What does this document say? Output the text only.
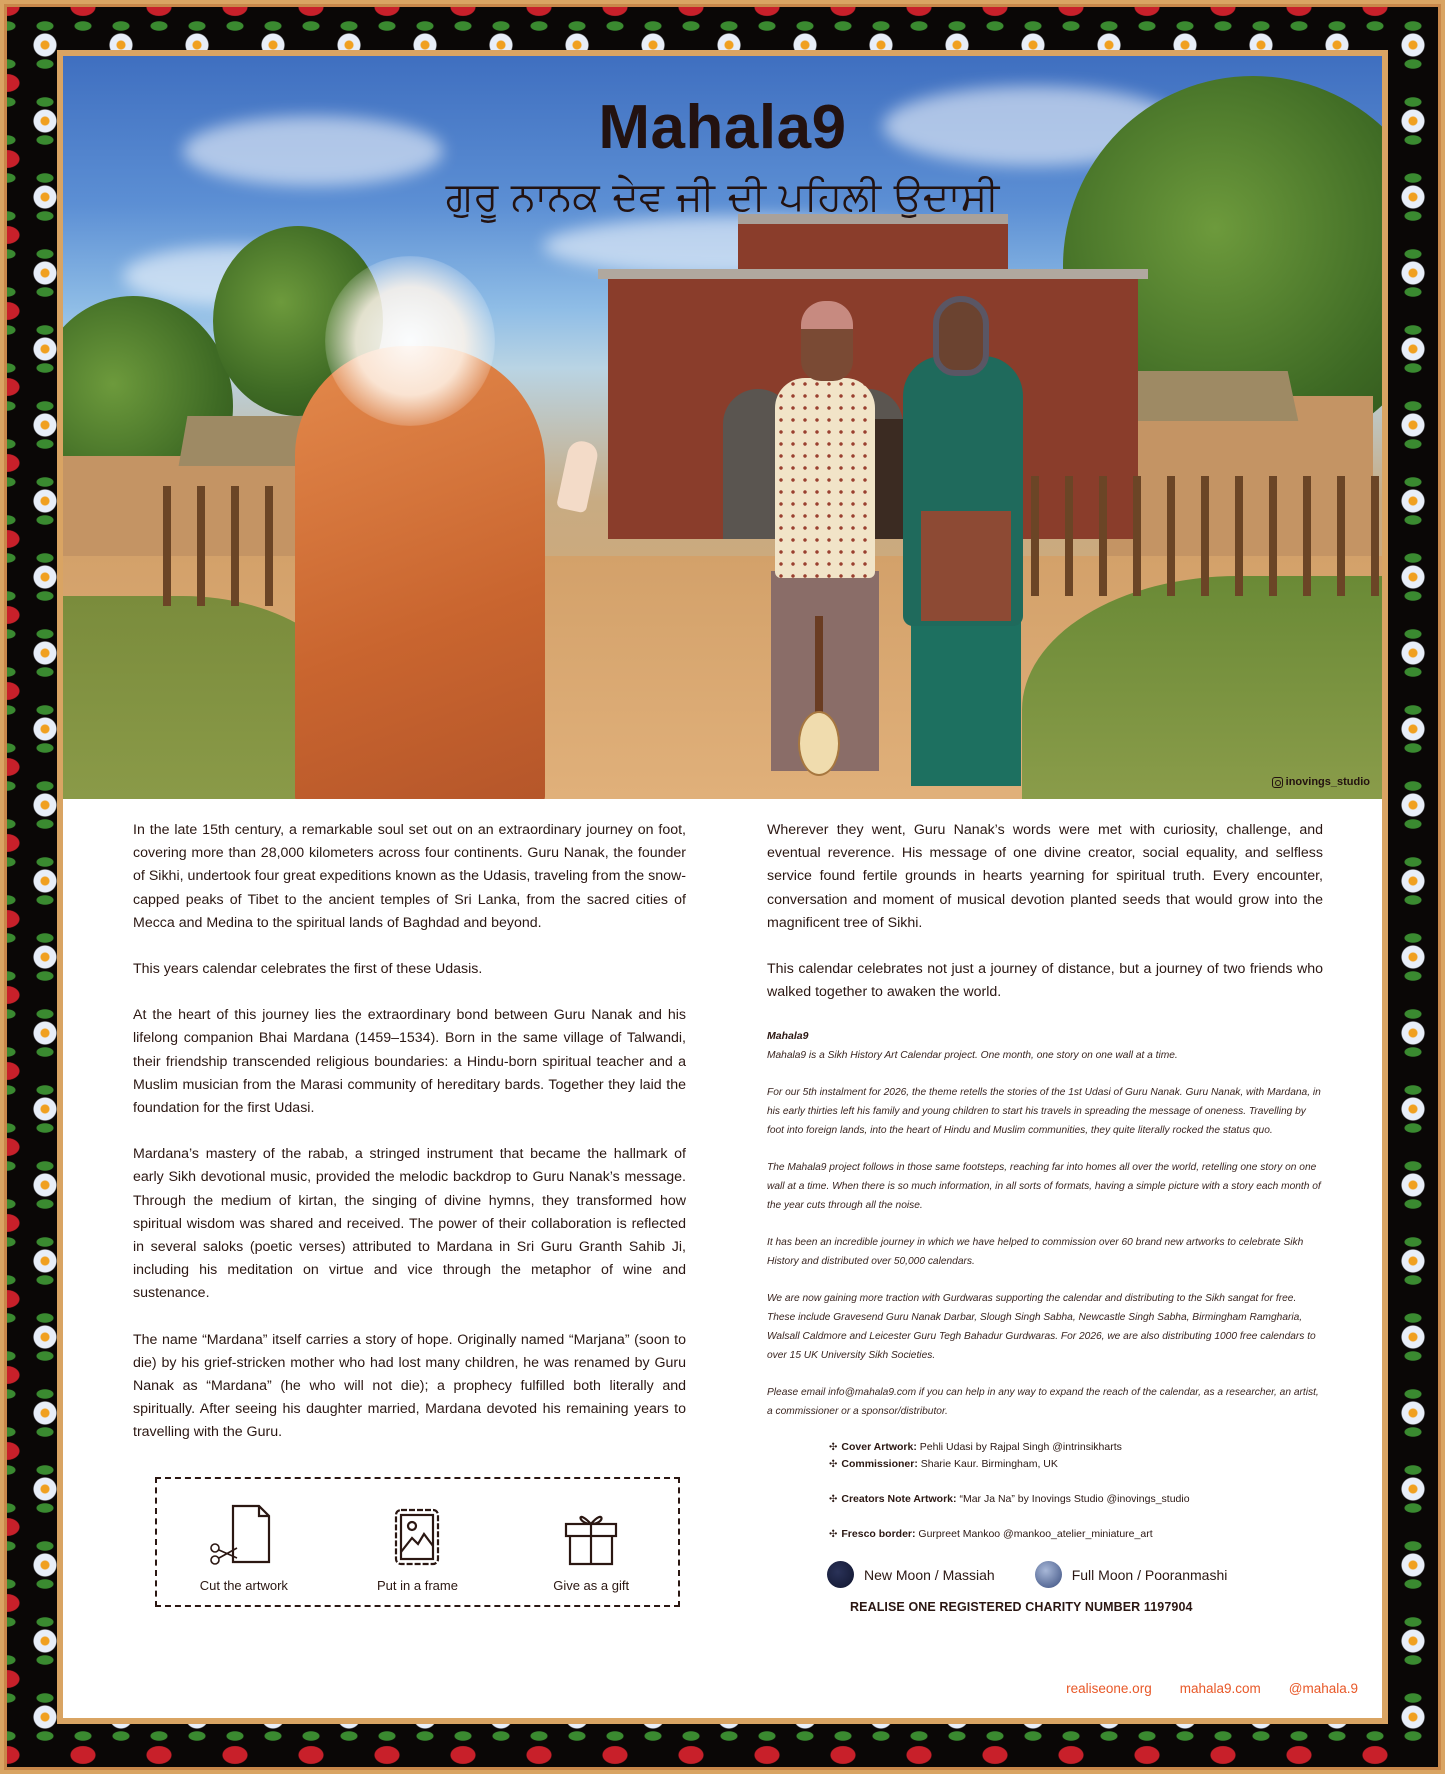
Mahala9
ਗੁਰੂ ਨਾਨਕ ਦੇਵ ਜੀ ਦੀ ਪਹਿਲੀ ਉਦਾਸੀ
inovings_studio

In the late 15th century, a remarkable soul set out on an extraordinary journey on foot, covering more than 28,000 kilometers across four continents. Guru Nanak, the founder of Sikhi, undertook four great expeditions known as the Udasis, traveling from the snow-capped peaks of Tibet to the ancient temples of Sri Lanka, from the sacred cities of Mecca and Medina to the spiritual lands of Baghdad and beyond.

This years calendar celebrates the first of these Udasis.

At the heart of this journey lies the extraordinary bond between Guru Nanak and his lifelong companion Bhai Mardana (1459–1534). Born in the same village of Talwandi, their friendship transcended religious boundaries: a Hindu-born spiritual teacher and a Muslim musician from the Marasi community of hereditary bards. Together they laid the foundation for the first Udasi.

Mardana’s mastery of the rabab, a stringed instrument that became the hallmark of early Sikh devotional music, provided the melodic backdrop to Guru Nanak’s message. Through the medium of kirtan, the singing of divine hymns, they transformed how spiritual wisdom was shared and received. The power of their collaboration is reflected in several saloks (poetic verses) attributed to Mardana in Sri Guru Granth Sahib Ji, including his meditation on virtue and vice through the metaphor of wine and sustenance.

The name “Mardana” itself carries a story of hope. Originally named “Marjana” (soon to die) by his grief-stricken mother who had lost many children, he was renamed by Guru Nanak as “Mardana” (he who will not die); a prophecy fulfilled both literally and spiritually. After seeing his daughter married, Mardana devoted his remaining years to travelling with the Guru.

Cut the artwork	Put in a frame	Give as a gift

Wherever they went, Guru Nanak’s words were met with curiosity, challenge, and eventual reverence. His message of one divine creator, social equality, and selfless service found fertile grounds in hearts yearning for spiritual truth. Every encounter, conversation and moment of musical devotion planted seeds that would grow into the magnificent tree of Sikhi.

This calendar celebrates not just a journey of distance, but a journey of two friends who walked together to awaken the world.

Mahala9

Mahala9 is a Sikh History Art Calendar project. One month, one story on one wall at a time.

For our 5th instalment for 2026, the theme retells the stories of the 1st Udasi of Guru Nanak. Guru Nanak, with Mardana, in his early thirties left his family and young children to start his travels in spreading the message of oneness. Travelling by foot into foreign lands, into the heart of Hindu and Muslim communities, they quite literally rocked the status quo.

The Mahala9 project follows in those same footsteps, reaching far into homes all over the world, retelling one story on one wall at a time. When there is so much information, in all sorts of formats, having a simple picture with a story each month of the year cuts through all the noise.

It has been an incredible journey in which we have helped to commission over 60 brand new artworks to celebrate Sikh History and distributed over 50,000 calendars.

We are now gaining more traction with Gurdwaras supporting the calendar and distributing to the Sikh sangat for free. These include Gravesend Guru Nanak Darbar, Slough Singh Sabha, Newcastle Singh Sabha, Birmingham Ramgharia, Walsall Caldmore and Leicester Guru Tegh Bahadur Gurdwaras. For 2026, we are also distributing 1000 free calendars to over 15 UK University Sikh Societies.

Please email info@mahala9.com if you can help in any way to expand the reach of the calendar, as a researcher, an artist, a commissioner or a sponsor/distributor.

✣ Cover Artwork: Pehli Udasi by Rajpal Singh @intrinsikharts
✣ Commissioner: Sharie Kaur. Birmingham, UK
✣ Creators Note Artwork: “Mar Ja Na” by Inovings Studio @inovings_studio
✣ Fresco border: Gurpreet Mankoo @mankoo_atelier_miniature_art
New Moon / Massiah	Full Moon / Pooranmashi
REALISE ONE REGISTERED CHARITY NUMBER 1197904
realiseone.org mahala9.com @mahala.9
